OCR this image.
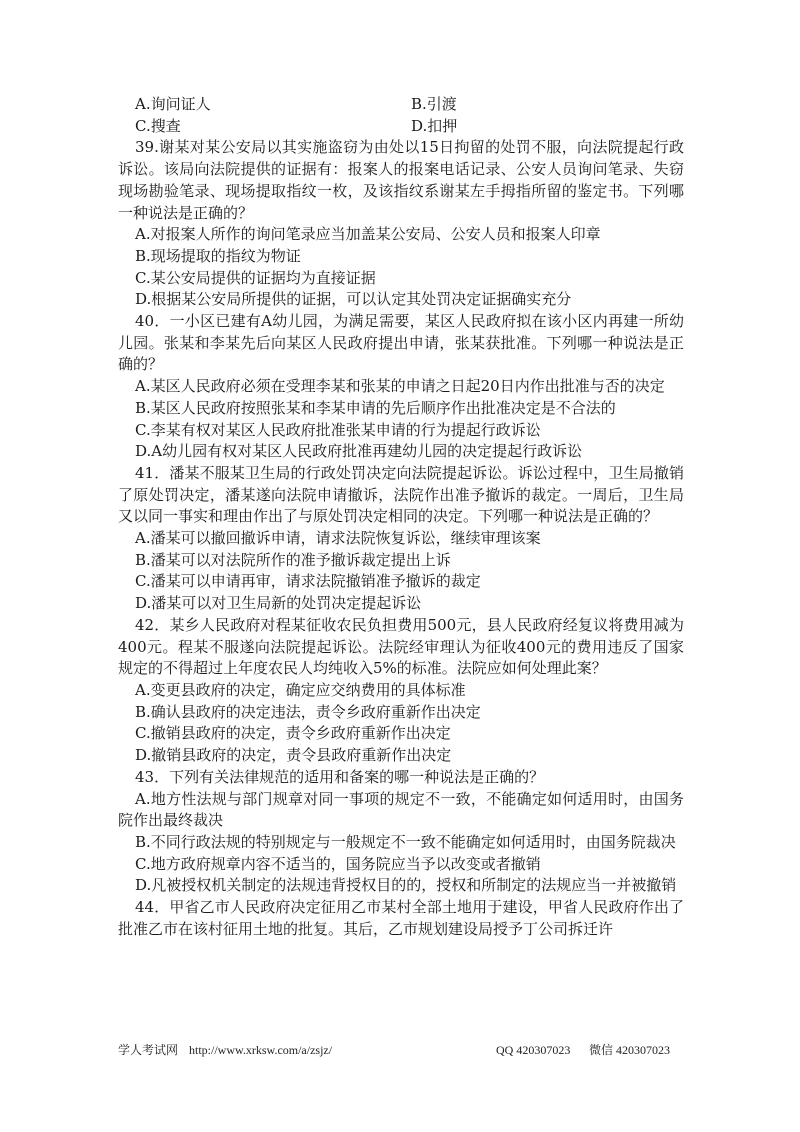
A.询问证人	B.引渡

C.搜查	D.扣押

39.谢某对某公安局以其实施盗窃为由处以15日拘留的处罚不服，向法院提起行政诉讼。该局向法院提供的证据有：报案人的报案电话记录、公安人员询问笔录、失窃现场勘验笔录、现场提取指纹一枚，及该指纹系谢某左手拇指所留的鉴定书。下列哪一种说法是正确的？

A.对报案人所作的询问笔录应当加盖某公安局、公安人员和报案人印章

B.现场提取的指纹为物证

C.某公安局提供的证据均为直接证据

D.根据某公安局所提供的证据，可以认定其处罚决定证据确实充分

40．一小区已建有A幼儿园，为满足需要，某区人民政府拟在该小区内再建一所幼儿园。张某和李某先后向某区人民政府提出申请，张某获批准。下列哪一种说法是正确的？

A.某区人民政府必须在受理李某和张某的申请之日起20日内作出批准与否的决定

B.某区人民政府按照张某和李某申请的先后顺序作出批准决定是不合法的

C.李某有权对某区人民政府批准张某申请的行为提起行政诉讼

D.A幼儿园有权对某区人民政府批准再建幼儿园的决定提起行政诉讼

41．潘某不服某卫生局的行政处罚决定向法院提起诉讼。诉讼过程中，卫生局撤销了原处罚决定，潘某遂向法院申请撤诉，法院作出准予撤诉的裁定。一周后，卫生局又以同一事实和理由作出了与原处罚决定相同的决定。下列哪一种说法是正确的？

A.潘某可以撤回撤诉申请，请求法院恢复诉讼，继续审理该案

B.潘某可以对法院所作的准予撤诉裁定提出上诉

C.潘某可以申请再审，请求法院撤销准予撤诉的裁定

D.潘某可以对卫生局新的处罚决定提起诉讼

42．某乡人民政府对程某征收农民负担费用500元，县人民政府经复议将费用减为400元。程某不服遂向法院提起诉讼。法院经审理认为征收400元的费用违反了国家规定的不得超过上年度农民人均纯收入5%的标准。法院应如何处理此案？

A.变更县政府的决定，确定应交纳费用的具体标准

B.确认县政府的决定违法，责令乡政府重新作出决定

C.撤销县政府的决定，责令乡政府重新作出决定

D.撤销县政府的决定，责令县政府重新作出决定

43．下列有关法律规范的适用和备案的哪一种说法是正确的？

A.地方性法规与部门规章对同一事项的规定不一致，不能确定如何适用时，由国务院作出最终裁决

B.不同行政法规的特别规定与一般规定不一致不能确定如何适用时，由国务院裁决

C.地方政府规章内容不适当的，国务院应当予以改变或者撤销

D.凡被授权机关制定的法规违背授权目的的，授权和所制定的法规应当一并被撤销

44．甲省乙市人民政府决定征用乙市某村全部土地用于建设，甲省人民政府作出了批准乙市在该村征用土地的批复。其后，乙市规划建设局授予丁公司拆迁许

学人考试网 http://www.xrksw.com/a/zsjz/	QQ 420307023 微信 420307023
